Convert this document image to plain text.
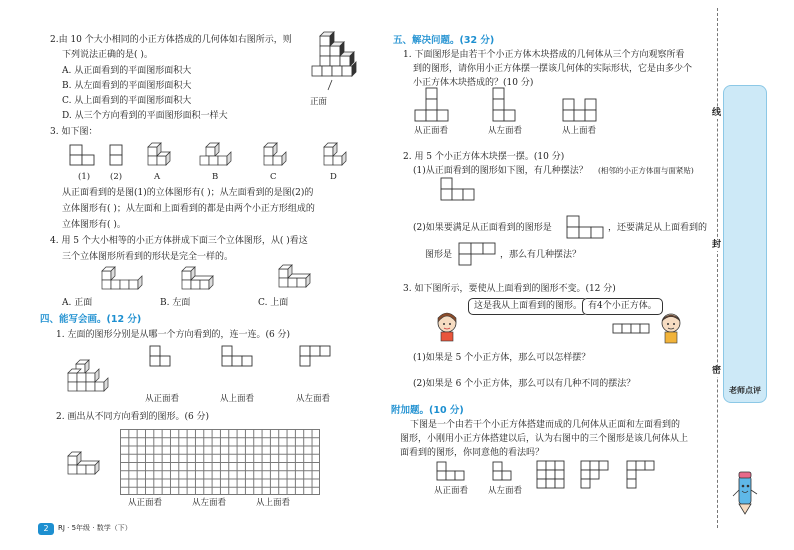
2.由 10 个大小相同的小正方体搭成的几何体如右图所示，则
下列说法正确的是( )。
A. 从正面看到的平面图形面积大
B. 从左面看到的平面图形面积大
C. 从上面看到的平面图形面积大
D. 从三个方向看到的平面图形面积一样大
正面
3. 如下图：
(1) (2)	A	B	C	D
从正面看到的是图(1)的立体图形有( )；从左面看到的是图(2)的
立体图形有( )；从左面和上面看到的都是由两个小正方形组成的
立体图形有( )。
4. 用 5 个大小相等的小正方体拼成下面三个立体图形，从( )看这
三个立体图形所看到的形状是完全一样的。
A. 正面	B. 左面	C. 上面
四、能写会画。(12 分)
1. 左面的图形分别是从哪一个方向看到的，连一连。(6 分)
从正面看	从上面看	从左面看
2. 画出从不同方向看到的图形。(6 分)
从正面看	从左面看	从上面看
2	RJ · 5年级 · 数学（下）
五、解决问题。(32 分)
1. 下面图形是由若干个小正方体木块搭成的几何体从三个方向观察所看
到的图形，请你用小正方体摆一摆该几何体的实际形状，它是由多少个
小正方体木块搭成的？(10 分)
从正面看	从左面看	从上面看
2. 用 5 个小正方体木块摆一摆。(10 分)
(1)从正面看到的图形如下图，有几种摆法？ (相邻的小正方体面与面紧贴)
(2)如果要满足从正面看到的图形是	，还要满足从上面看到的
图形是	，那么有几种摆法？
3. 如下图所示，要使从上面看到的图形不变。(12 分)
这是我从上面看到的图形。 有4个小正方体。
(1)如果是 5 个小正方体，那么可以怎样摆？
(2)如果是 6 个小正方体，那么可以有几种不同的摆法？
附加题。(10 分)
下图是一个由若干个小正方体搭建而成的几何体从正面和左面看到的
图形，小刚用小正方体搭建以后，认为右图中的三个图形是该几何体从上
面看到的图形，你同意他的看法吗？
从正面看 从左面看
线
封
密
老师点评
